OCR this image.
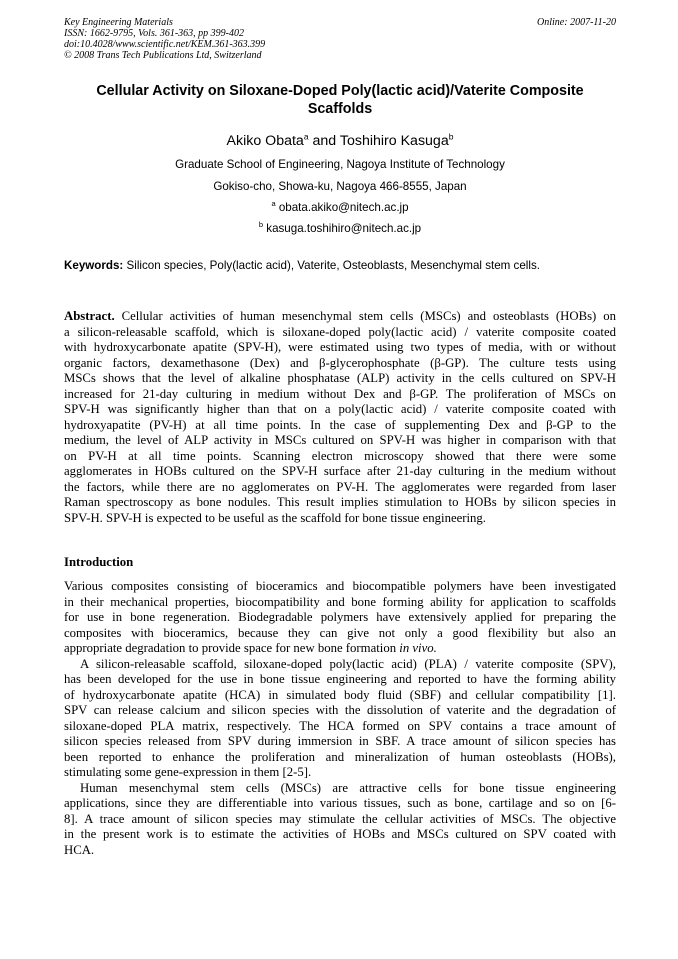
Key Engineering Materials
ISSN: 1662-9795, Vols. 361-363, pp 399-402
doi:10.4028/www.scientific.net/KEM.361-363.399
© 2008 Trans Tech Publications Ltd, Switzerland
Online: 2007-11-20
Cellular Activity on Siloxane-Doped Poly(lactic acid)/Vaterite Composite
Scaffolds
Akiko Obata$^a$ and Toshihiro Kasuga$^b$
Graduate School of Engineering, Nagoya Institute of Technology
Gokiso-cho, Showa-ku, Nagoya 466-8555, Japan
$^a$ obata.akiko@nitech.ac.jp
$^b$ kasuga.toshihiro@nitech.ac.jp
Keywords: Silicon species, Poly(lactic acid), Vaterite, Osteoblasts, Mesenchymal stem cells.
Abstract. Cellular activities of human mesenchymal stem cells (MSCs) and osteoblasts (HOBs) on
a silicon-releasable scaffold, which is siloxane-doped poly(lactic acid) / vaterite composite coated
with hydroxycarbonate apatite (SPV-H), were estimated using two types of media, with or without
organic factors, dexamethasone (Dex) and β-glycerophosphate (β-GP). The culture tests using
MSCs shows that the level of alkaline phosphatase (ALP) activity in the cells cultured on SPV-H
increased for 21-day culturing in medium without Dex and β-GP. The proliferation of MSCs on
SPV-H was significantly higher than that on a poly(lactic acid) / vaterite composite coated with
hydroxyapatite (PV-H) at all time points. In the case of supplementing Dex and β-GP to the
medium, the level of ALP activity in MSCs cultured on SPV-H was higher in comparison with that
on PV-H at all time points. Scanning electron microscopy showed that there were some
agglomerates in HOBs cultured on the SPV-H surface after 21-day culturing in the medium without
the factors, while there are no agglomerates on PV-H. The agglomerates were regarded from laser
Raman spectroscopy as bone nodules. This result implies stimulation to HOBs by silicon species in
SPV-H. SPV-H is expected to be useful as the scaffold for bone tissue engineering.
Introduction
Various composites consisting of bioceramics and biocompatible polymers have been investigated
in their mechanical properties, biocompatibility and bone forming ability for application to scaffolds
for use in bone regeneration. Biodegradable polymers have extensively applied for preparing the
composites with bioceramics, because they can give not only a good flexibility but also an
appropriate degradation to provide space for new bone formation in vivo.
A silicon-releasable scaffold, siloxane-doped poly(lactic acid) (PLA) / vaterite composite (SPV),
has been developed for the use in bone tissue engineering and reported to have the forming ability
of hydroxycarbonate apatite (HCA) in simulated body fluid (SBF) and cellular compatibility [1].
SPV can release calcium and silicon species with the dissolution of vaterite and the degradation of
siloxane-doped PLA matrix, respectively. The HCA formed on SPV contains a trace amount of
silicon species released from SPV during immersion in SBF. A trace amount of silicon species has
been reported to enhance the proliferation and mineralization of human osteoblasts (HOBs),
stimulating some gene-expression in them [2-5].
Human mesenchymal stem cells (MSCs) are attractive cells for bone tissue engineering
applications, since they are differentiable into various tissues, such as bone, cartilage and so on [6-
8]. A trace amount of silicon species may stimulate the cellular activities of MSCs. The objective
in the present work is to estimate the activities of HOBs and MSCs cultured on SPV coated with
HCA.
